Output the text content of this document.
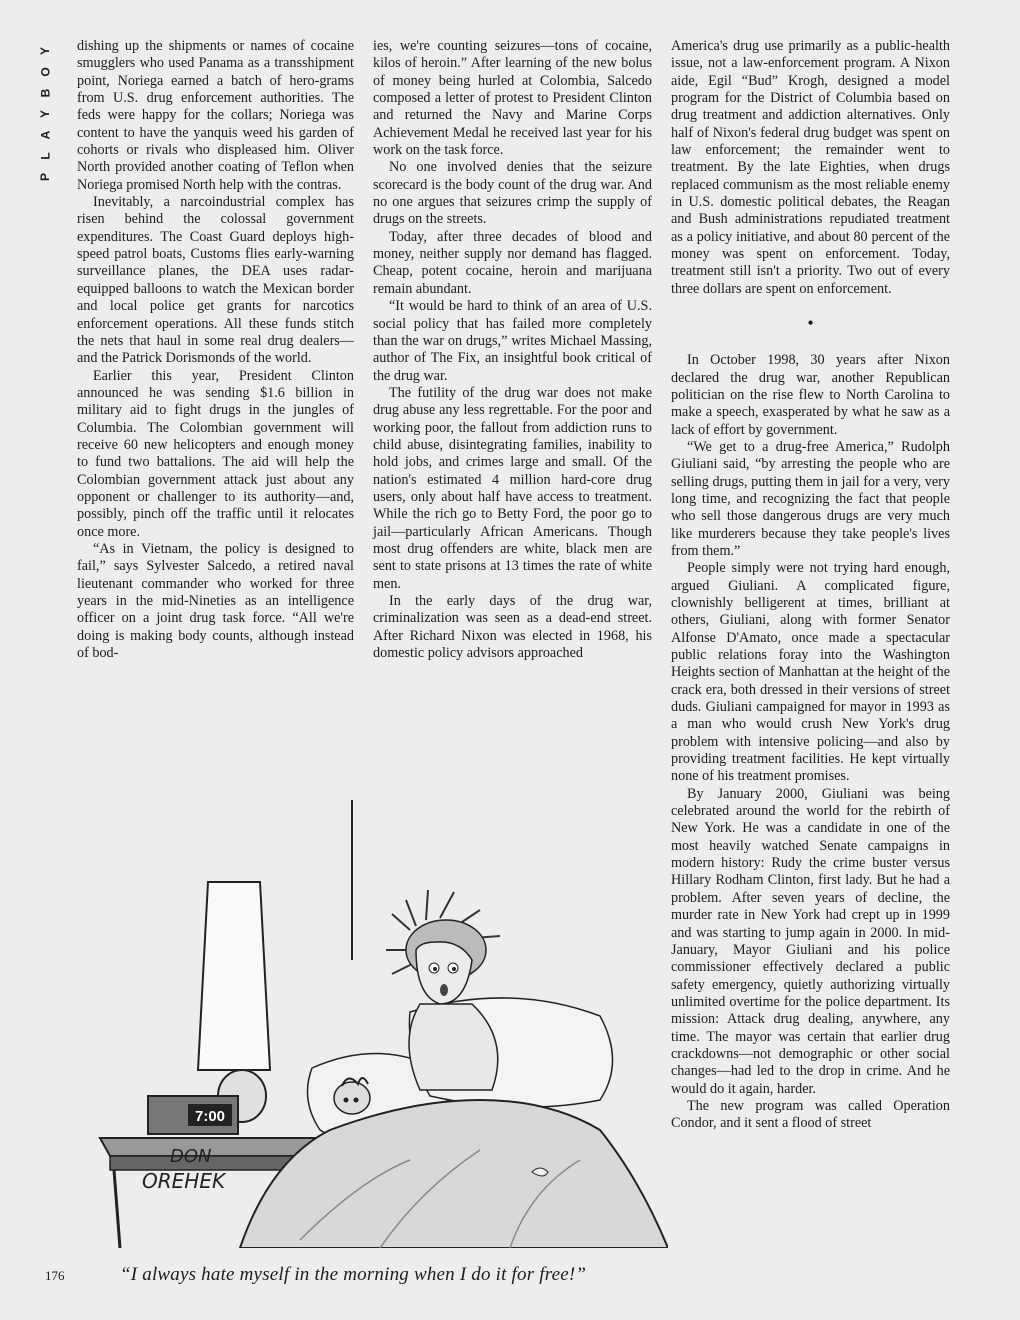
Y
O
B
Y
A
L
P

dishing up the shipments or names of cocaine smugglers who used Panama as a transshipment point, Noriega earned a batch of hero-grams from U.S. drug enforcement authorities. The feds were happy for the collars; Noriega was content to have the yanquis weed his garden of cohorts or rivals who displeased him. Oliver North provided another coating of Teflon when Noriega promised North help with the contras.

Inevitably, a narcoindustrial complex has risen behind the colossal government expenditures. The Coast Guard deploys high-speed patrol boats, Customs flies early-warning surveillance planes, the DEA uses radar-equipped balloons to watch the Mexican border and local police get grants for narcotics enforcement operations. All these funds stitch the nets that haul in some real drug dealers—and the Patrick Dorismonds of the world.

Earlier this year, President Clinton announced he was sending $1.6 billion in military aid to fight drugs in the jungles of Columbia. The Colombian government will receive 60 new helicopters and enough money to fund two battalions. The aid will help the Colombian government attack just about any opponent or challenger to its authority—and, possibly, pinch off the traffic until it relocates once more.

“As in Vietnam, the policy is designed to fail,” says Sylvester Salcedo, a retired naval lieutenant commander who worked for three years in the mid-Nineties as an intelligence officer on a joint drug task force. “All we're doing is making body counts, although instead of bod-

ies, we're counting seizures—tons of cocaine, kilos of heroin.” After learning of the new bolus of money being hurled at Colombia, Salcedo composed a letter of protest to President Clinton and returned the Navy and Marine Corps Achievement Medal he received last year for his work on the task force.

No one involved denies that the seizure scorecard is the body count of the drug war. And no one argues that seizures crimp the supply of drugs on the streets.

Today, after three decades of blood and money, neither supply nor demand has flagged. Cheap, potent cocaine, heroin and marijuana remain abundant.

“It would be hard to think of an area of U.S. social policy that has failed more completely than the war on drugs,” writes Michael Massing, author of The Fix, an insightful book critical of the drug war.

The futility of the drug war does not make drug abuse any less regrettable. For the poor and working poor, the fallout from addiction runs to child abuse, disintegrating families, inability to hold jobs, and crimes large and small. Of the nation's estimated 4 million hard-core drug users, only about half have access to treatment. While the rich go to Betty Ford, the poor go to jail—particularly African Americans. Though most drug offenders are white, black men are sent to state prisons at 13 times the rate of white men.

In the early days of the drug war, criminalization was seen as a dead-end street. After Richard Nixon was elected in 1968, his domestic policy advisors approached

America's drug use primarily as a public-health issue, not a law-enforcement program. A Nixon aide, Egil “Bud” Krogh, designed a model program for the District of Columbia based on drug treatment and addiction alternatives. Only half of Nixon's federal drug budget was spent on law enforcement; the remainder went to treatment. By the late Eighties, when drugs replaced communism as the most reliable enemy in U.S. domestic political debates, the Reagan and Bush administrations repudiated treatment as a policy initiative, and about 80 percent of the money was spent on enforcement. Today, treatment still isn't a priority. Two out of every three dollars are spent on enforcement.

•

In October 1998, 30 years after Nixon declared the drug war, another Republican politician on the rise flew to North Carolina to make a speech, exasperated by what he saw as a lack of effort by government.

“We get to a drug-free America,” Rudolph Giuliani said, “by arresting the people who are selling drugs, putting them in jail for a very, very long time, and recognizing the fact that people who sell those dangerous drugs are very much like murderers because they take people's lives from them.”

People simply were not trying hard enough, argued Giuliani. A complicated figure, clownishly belligerent at times, brilliant at others, Giuliani, along with former Senator Alfonse D'Amato, once made a spectacular public relations foray into the Washington Heights section of Manhattan at the height of the crack era, both dressed in their versions of street duds. Giuliani campaigned for mayor in 1993 as a man who would crush New York's drug problem with intensive policing—and also by providing treatment facilities. He kept virtually none of his treatment promises.

By January 2000, Giuliani was being celebrated around the world for the rebirth of New York. He was a candidate in one of the most heavily watched Senate campaigns in modern history: Rudy the crime buster versus Hillary Rodham Clinton, first lady. But he had a problem. After seven years of decline, the murder rate in New York had crept up in 1999 and was starting to jump again in 2000. In mid-January, Mayor Giuliani and his police commissioner effectively declared a public safety emergency, quietly authorizing virtually unlimited overtime for the police department. Its mission: Attack drug dealing, anywhere, any time. The mayor was certain that earlier drug crackdowns—not demographic or other social changes—had led to the drop in crime. And he would do it again, harder.

The new program was called Operation Condor, and it sent a flood of street

7:00
DON
OREHEK
176	“I always hate myself in the morning when I do it for free!”
